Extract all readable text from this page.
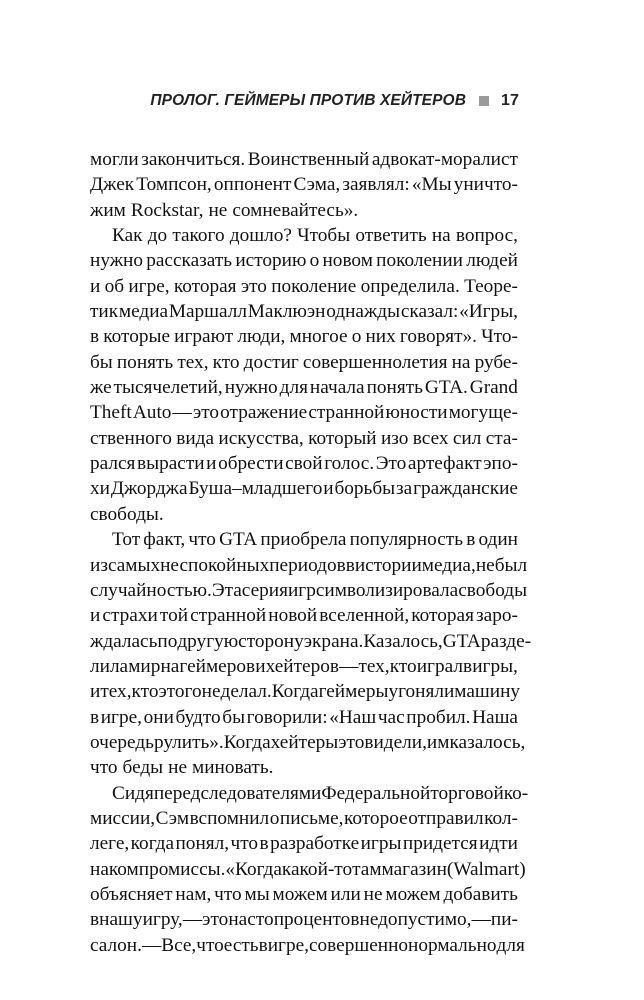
ПРОЛОГ. ГЕЙМЕРЫ ПРОТИВ ХЕЙТЕРОВ 17
могли закончиться. Воинственный адвокат-моралист
Джек Томпсон, оппонент Сэма, заявлял: «Мы уничто-
жим Rockstar, не сомневайтесь».
Как до такого дошло? Чтобы ответить на вопрос,
нужно рассказать историю о новом поколении людей
и об игре, которая это поколение определила. Теоре-
тик медиа Маршалл Маклюэн однажды сказал: «Игры,
в которые играют люди, многое о них говорят». Что-
бы понять тех, кто достиг совершеннолетия на рубе-
же тысячелетий, нужно для начала понять GTA. Grand
Theft Auto — это отражение странной юности могуще-
ственного вида искусства, который изо всех сил ста-
рался вырасти и обрести свой голос. Это артефакт эпо-
хи Джорджа Буша–младшего и борьбы за гражданские
свободы.
Тот факт, что GTA приобрела популярность в один
из самых неспокойных периодов в истории медиа, не был
случайностью. Эта серия игр символизировала свободы
и страхи той странной новой вселенной, которая заро-
ждалась по другую сторону экрана. Казалось, GTA разде-
лила мир на геймеров и хейтеров — тех, кто играл в игры,
и тех, кто этого не делал. Когда геймеры угоняли машину
в игре, они будто бы говорили: «Наш час пробил. Наша
очередь рулить». Когда хейтеры это видели, им казалось,
что беды не миновать.
Сидя перед следователями Федеральной торговой ко-
миссии, Сэм вспомнил о письме, которое отправил кол-
леге, когда понял, что в разработке игры придется идти
на компромиссы. «Когда какой-то там магазин (Walmart)
объясняет нам, что мы можем или не можем добавить
в нашу игру, — это на сто процентов недопустимо, — пи-
сал он. — Все, что есть в игре, совершенно нормально для
